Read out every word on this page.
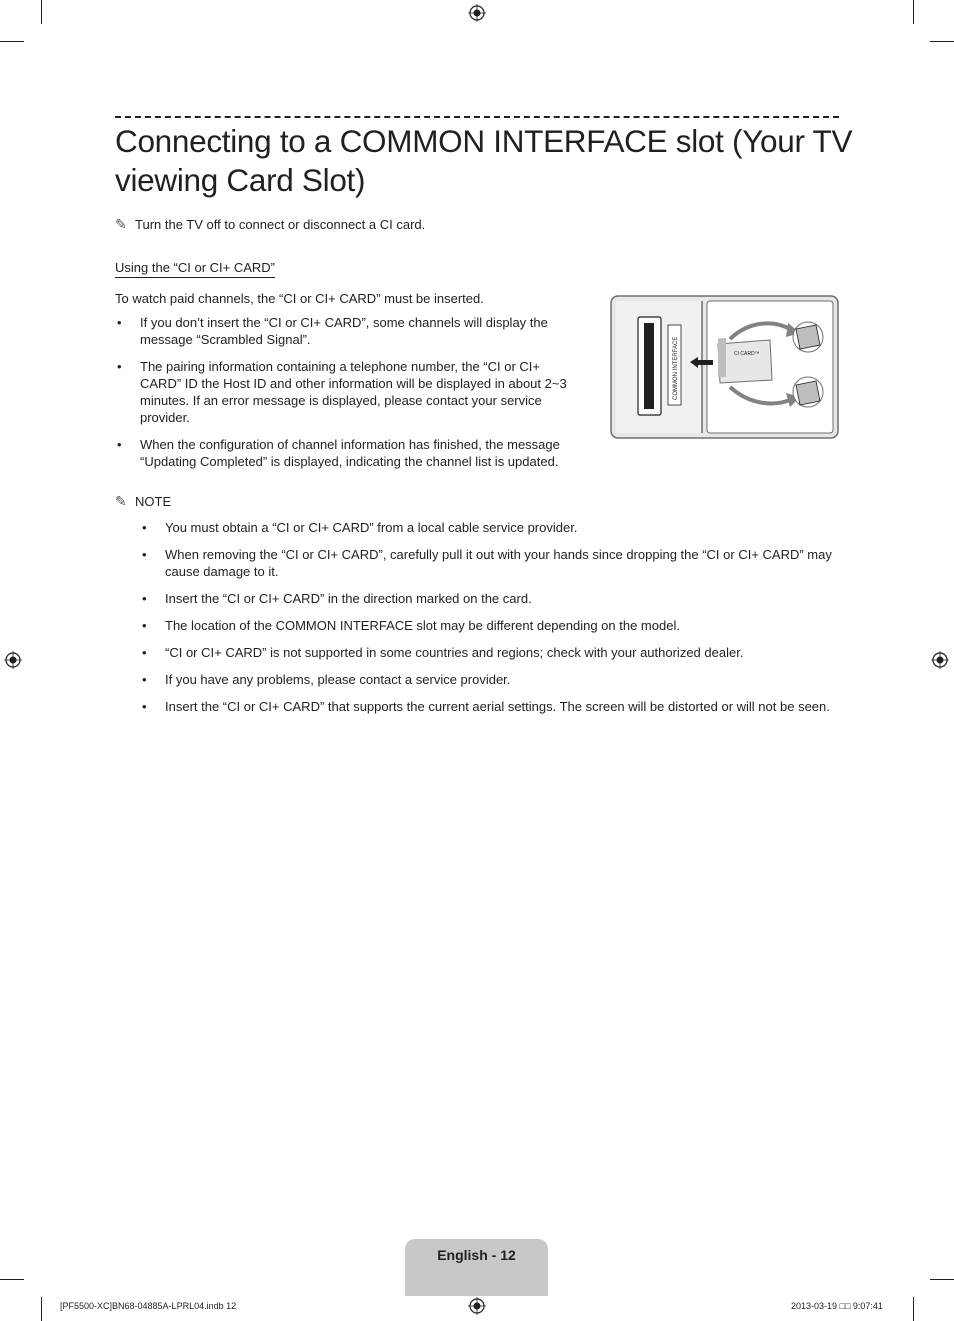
Connecting to a COMMON INTERFACE slot (Your TV viewing Card Slot)
✎ Turn the TV off to connect or disconnect a CI card.
Using the “CI or CI+ CARD”
To watch paid channels, the “CI or CI+ CARD” must be inserted.
• If you don’t insert the “CI or CI+ CARD”, some channels will display the message “Scrambled Signal”.
• The pairing information containing a telephone number, the “CI or CI+ CARD” ID the Host ID and other information will be displayed in about 2~3 minutes. If an error message is displayed, please contact your service provider.
• When the configuration of channel information has finished, the message “Updating Completed” is displayed, indicating the channel list is updated.
✎ NOTE
• You must obtain a “CI or CI+ CARD” from a local cable service provider.
• When removing the “CI or CI+ CARD”, carefully pull it out with your hands since dropping the “CI or CI+ CARD” may cause damage to it.
• Insert the “CI or CI+ CARD” in the direction marked on the card.
• The location of the COMMON INTERFACE slot may be different depending on the model.
• “CI or CI+ CARD” is not supported in some countries and regions; check with your authorized dealer.
• If you have any problems, please contact a service provider.
• Insert the “CI or CI+ CARD” that supports the current aerial settings. The screen will be distorted or will not be seen.
COMMON INTERFACE	CI CARD™
English - 12
[PF5500-XC]BN68-04885A-LPRL04.indb 12	2013-03-19 □□ 9:07:41
